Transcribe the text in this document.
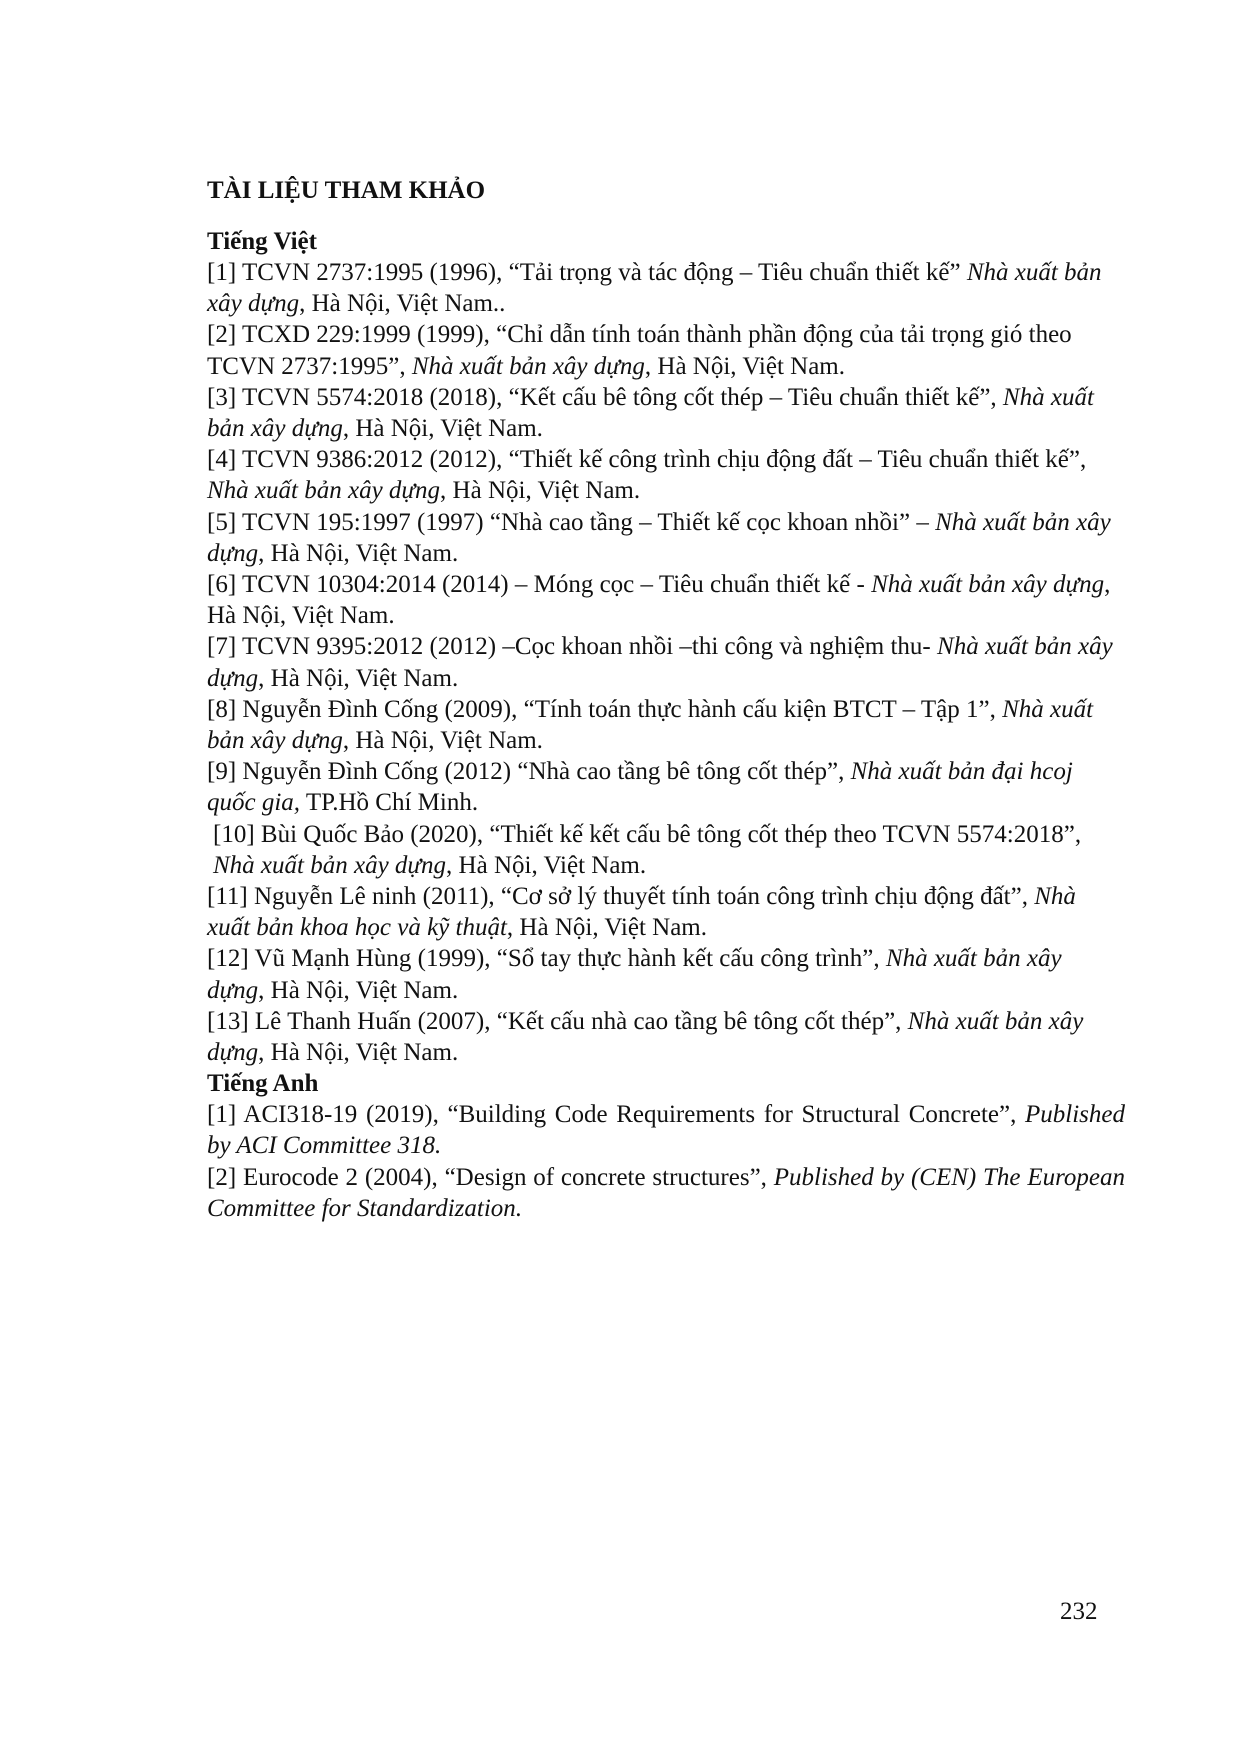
TÀI LIỆU THAM KHẢO
Tiếng Việt

[1] TCVN 2737:1995 (1996), “Tải trọng và tác động – Tiêu chuẩn thiết kế” Nhà xuất bản xây dựng, Hà Nội, Việt Nam..

[2] TCXD 229:1999 (1999), “Chỉ dẫn tính toán thành phần động của tải trọng gió theo TCVN 2737:1995”, Nhà xuất bản xây dựng, Hà Nội, Việt Nam.

[3] TCVN 5574:2018 (2018), “Kết cấu bê tông cốt thép – Tiêu chuẩn thiết kế”, Nhà xuất bản xây dựng, Hà Nội, Việt Nam.

[4] TCVN 9386:2012 (2012), “Thiết kế công trình chịu động đất – Tiêu chuẩn thiết kế”, Nhà xuất bản xây dựng, Hà Nội, Việt Nam.

[5] TCVN 195:1997 (1997) “Nhà cao tầng – Thiết kế cọc khoan nhồi” – Nhà xuất bản xây dựng, Hà Nội, Việt Nam.

[6] TCVN 10304:2014 (2014) – Móng cọc – Tiêu chuẩn thiết kế - Nhà xuất bản xây dựng, Hà Nội, Việt Nam.

[7] TCVN 9395:2012 (2012) –Cọc khoan nhồi –thi công và nghiệm thu- Nhà xuất bản xây dựng, Hà Nội, Việt Nam.

[8] Nguyễn Đình Cống (2009), “Tính toán thực hành cấu kiện BTCT – Tập 1”, Nhà xuất bản xây dựng, Hà Nội, Việt Nam.

[9] Nguyễn Đình Cống (2012) “Nhà cao tầng bê tông cốt thép”, Nhà xuất bản đại hcoj quốc gia, TP.Hồ Chí Minh.

[10] Bùi Quốc Bảo (2020), “Thiết kế kết cấu bê tông cốt thép theo TCVN 5574:2018”, Nhà xuất bản xây dựng, Hà Nội, Việt Nam.

[11] Nguyễn Lê ninh (2011), “Cơ sở lý thuyết tính toán công trình chịu động đất”, Nhà xuất bản khoa học và kỹ thuật, Hà Nội, Việt Nam.

[12] Vũ Mạnh Hùng (1999), “Sổ tay thực hành kết cấu công trình”, Nhà xuất bản xây dựng, Hà Nội, Việt Nam.

[13] Lê Thanh Huấn (2007), “Kết cấu nhà cao tầng bê tông cốt thép”, Nhà xuất bản xây dựng, Hà Nội, Việt Nam.

Tiếng Anh

[1] ACI318-19 (2019), “Building Code Requirements for Structural Concrete”, Published by ACI Committee 318.

[2] Eurocode 2 (2004), “Design of concrete structures”, Published by (CEN) The European Committee for Standardization.

232
